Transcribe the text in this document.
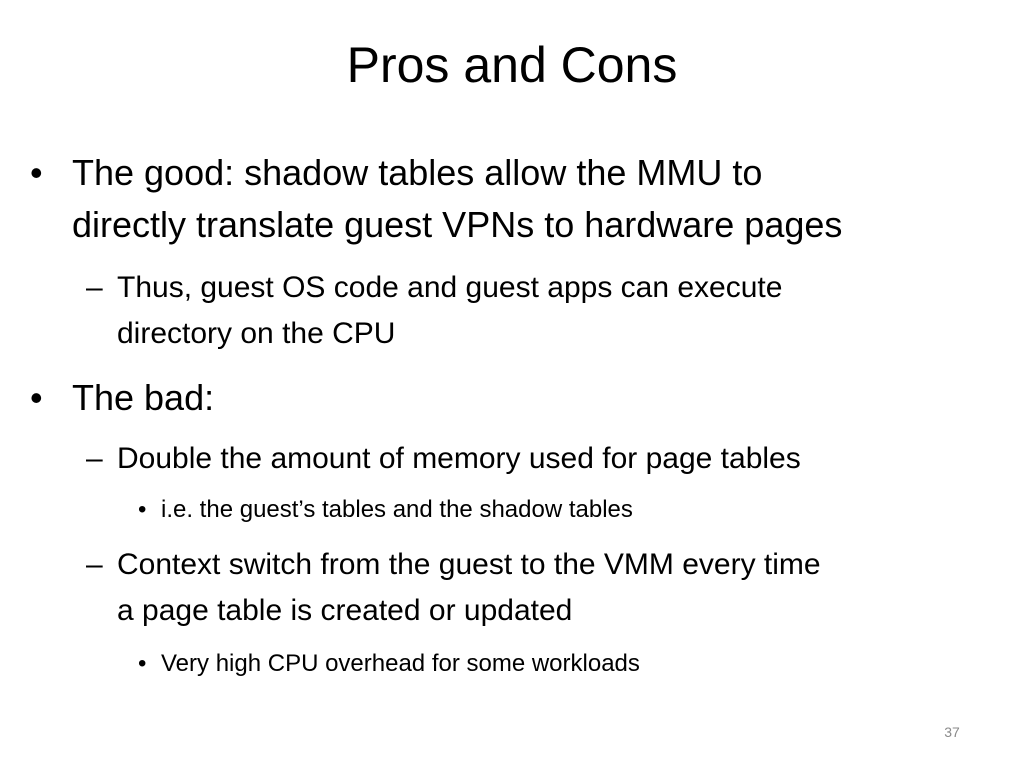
Pros and Cons
• The good: shadow tables allow the MMU to
directly translate guest VPNs to hardware pages
– Thus, guest OS code and guest apps can execute
directory on the CPU
• The bad:
– Double the amount of memory used for page tables
• i.e. the guest’s tables and the shadow tables
– Context switch from the guest to the VMM every time
a page table is created or updated
• Very high CPU overhead for some workloads
37
